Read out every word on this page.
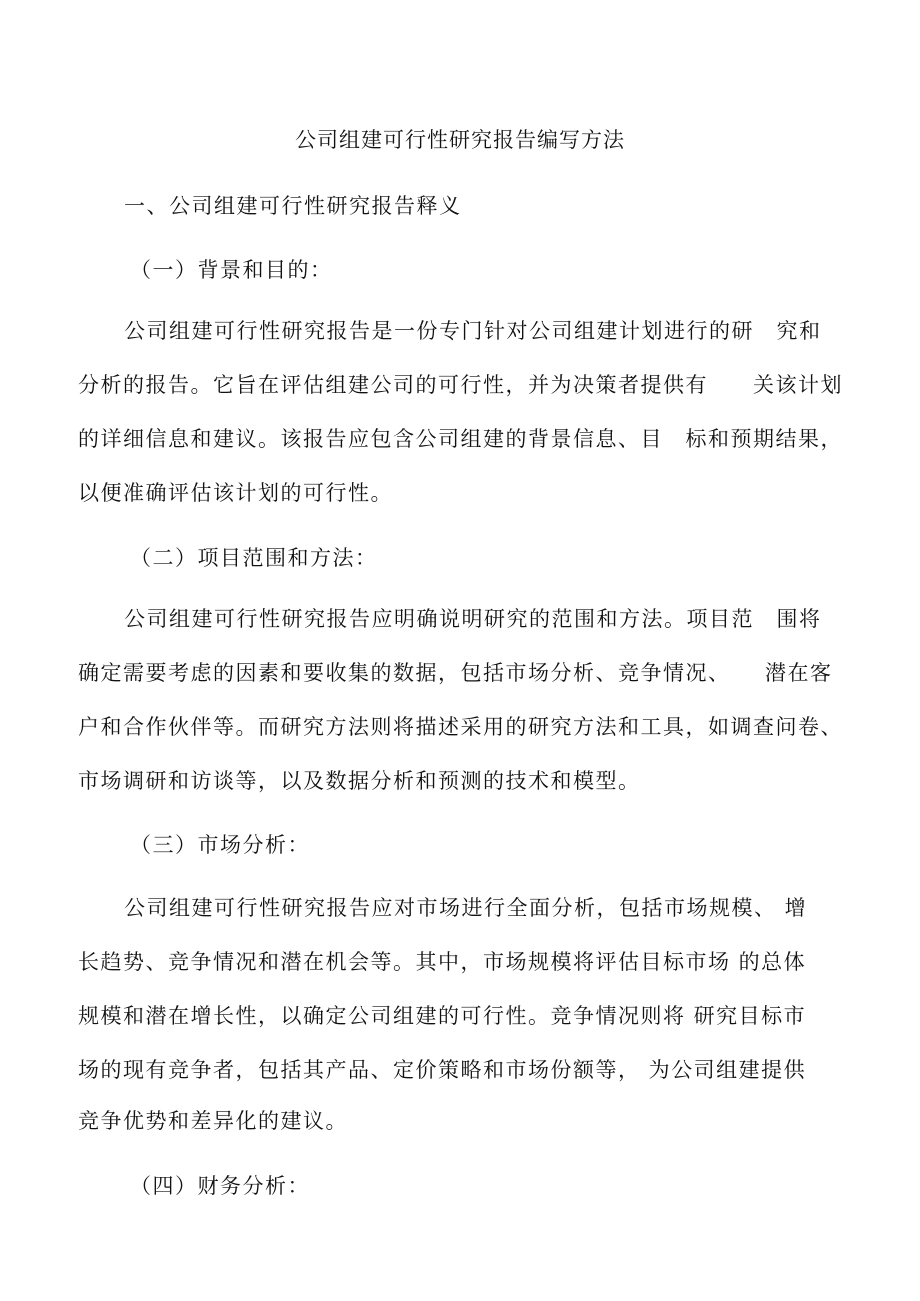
公司组建可行性研究报告编写方法
一、公司组建可行性研究报告释义
（一）背景和目的：
公司组建可行性研究报告是一份专门针对公司组建计划进行的研　究和
分析的报告。它旨在评估组建公司的可行性，并为决策者提供有　　关该计划
的详细信息和建议。该报告应包含公司组建的背景信息、目　标和预期结果，
以便准确评估该计划的可行性。
（二）项目范围和方法：
公司组建可行性研究报告应明确说明研究的范围和方法。项目范　围将
确定需要考虑的因素和要收集的数据，包括市场分析、竞争情况、　　潜在客
户和合作伙伴等。而研究方法则将描述采用的研究方法和工具，如调查问卷、
市场调研和访谈等，以及数据分析和预测的技术和模型。
（三）市场分析：
公司组建可行性研究报告应对市场进行全面分析，包括市场规模、 增
长趋势、竞争情况和潜在机会等。其中，市场规模将评估目标市场 的总体
规模和潜在增长性，以确定公司组建的可行性。竞争情况则将 研究目标市
场的现有竞争者，包括其产品、定价策略和市场份额等， 为公司组建提供
竞争优势和差异化的建议。
（四）财务分析：
